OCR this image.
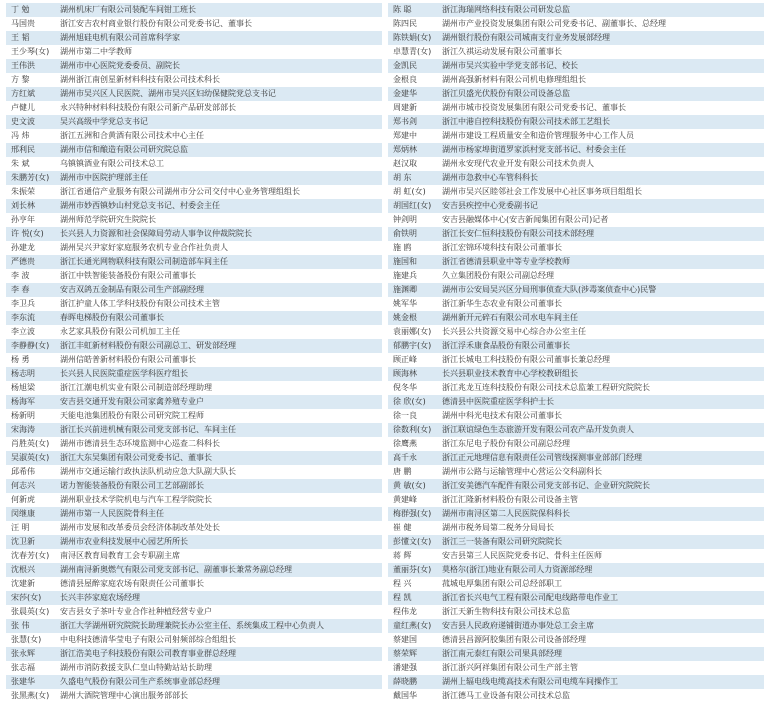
丁 勉	湖州机床厂有限公司装配车间钳工班长
马国贵	浙江安吉农村商业银行股份有限公司党委书记、董事长
王 韬	湖州旭硅电机有限公司首席科学家
王少琴(女)	湖州市第二中学教师
王伟洪	湖州市中心医院党委委员、副院长
方 黎	湖州浙江南创星新材料科技有限公司技术科长
方红斌	湖州市吴兴区人民医院、湖州市吴兴区妇幼保健院党总支书记
卢健儿	永兴特种材料科技股份有限公司新产品研发部部长
史文波	吴兴高级中学党总支书记
冯 炜	浙江五洲和合黄酒有限公司技术中心主任
邢利民	湖州市信和酿造有限公司研究院总监
朱 斌	乌镇镇酒业有限公司技术总工
朱鹏芳(女)	湖州市中医院护理部主任
朱振荣	浙江省通信产业服务有限公司湖州市分公司交付中心业务管理组组长
刘长林	湖州市妙西镇妙山村党总支书记、村委会主任
孙亨年	湖州师范学院研究生院院长
许 悦(女)	长兴县人力资源和社会保障局劳动人事争议仲裁院院长
孙建龙	湖州吴兴尹家好家庭服务农机专业合作社负责人
严德贵	浙江长通光网物联科技有限公司制造部车间主任
李 波	浙江中铁智能装备股份有限公司董事长
李 春	安吉双鸽五金制品有限公司生产部副经理
李卫兵	浙江护童人体工学科技股份有限公司技术主管
李东流	春晖电梯股份有限公司董事长
李立波	永艺家具股份有限公司机加工主任
李静静(女)	浙江丰虹新材料股份有限公司副总工、研发部经理
杨 勇	湖州信皓普新材料股份有限公司董事长
杨志明	长兴县人民医院重症医学科医疗组长
杨旭梁	浙江江潮电机实业有限公司制造部经理助理
杨海军	安吉县交通开发有限公司家禽养殖专业户
杨新明	天能电池集团股份有限公司研究院工程师
宋海涛	浙江长兴前进机械有限公司党支部书记、车间主任
肖胜英(女)	湖州市德清县生态环境监测中心巡查二科科长
吴淑英(女)	浙江大东吴集团有限公司党委书记、董事长
邱希伟	湖州市交通运输行政执法队机动应急大队副大队长
何志兴	诺力智能装备股份有限公司工艺部副部长
何新虎	湖州职业技术学院机电与汽车工程学院院长
闵继康	湖州市第一人民医院骨科主任
汪 明	湖州市发展和改革委员会经济体制改革处处长
沈卫新	湖州市农业科技发展中心园艺所所长
沈春芳(女)	南浔区教育局教育工会专职副主席
沈根兴	湖州南浔新奥燃气有限公司党支部书记、副董事长兼常务副总经理
沈建新	德清县屋醉家庭农场有限责任公司董事长
宋莎(女)	长兴丰莎家庭农场经理
张晨英(女)	安吉县女子茶叶专业合作社种植经营专业户
张 伟	浙江大学湖州研究院院长助理兼院长办公室主任、系统集成工程中心负责人
张慧(女)	中电科技德清华莹电子有限公司射频部综合组组长
张永辉	浙江浩美电子科技股份有限公司教育事业群总经理
张志福	湖州市消防救援支队仁皇山特勤站站长助理
张建华	久盛电气股份有限公司生产系统事业部总经理
张黑燕(女)	湖州大酒院管理中心演出服务部部长
陈 聪	浙江海瑞网络科技有限公司研发总监
陈四民	湖州市产业投资发展集团有限公司党委书记、副董事长、总经理
陈铁娟(女)	湖州银行股份有限公司城南支行业务发展部经理
卓慧青(女)	浙江久祺运动发展有限公司董事长
金凯民	湖州市吴兴实验中学党支部书记、校长
金根良	湖州高强新材料有限公司机电修理组组长
金建华	浙江贝盛光伏股份有限公司设备总监
周建新	湖州市城市投资发展集团有限公司党委书记、董事长
郑书剑	浙江中港自控科技股份有限公司技术部工艺组长
郑建中	湖州市建设工程质量安全和造价管理服务中心工作人员
郑炳林	湖州市杨家埠街道罗家浜村党支部书记、村委会主任
赵汉取	湖州永安现代农业开发有限公司技术负责人
胡 东	湖州市急救中心车管科科长
胡 虹(女)	湖州市吴兴区睦邻社会工作发展中心社区事务项目组组长
胡国红(女)	安吉县疾控中心党委副书记
钟剑明	安吉县融媒体中心(安吉新闻集团有限公司)记者
俞铁明	浙江长安仁恒科技股份有限公司技术部经理
施 鸥	浙江宏锦环境科技有限公司董事长
施国和	浙江省德清县职业中等专业学校教师
施建兵	久立集团股份有限公司副总经理
施渊卿	湖州市公安局吴兴区分局刑事侦查大队(涉毒案侦查中心)民警
姚军华	浙江新华生态农业有限公司董事长
姚金根	湖州新开元碎石有限公司水电车间主任
袁丽娜(女)	长兴县公共资源交易中心综合办公室主任
郁鹏宇(女)	浙江浮禾康食品股份有限公司董事长
顾正峰	浙江长城电工科技股份有限公司董事长兼总经理
顾海林	长兴县职业技术教育中心学校教研组长
倪冬华	浙江兆龙互连科技股份有限公司技术总监兼工程研究院院长
徐 欣(女)	德清县中医院重症医学科护士长
徐一良	湖州中科光电技术有限公司董事长
徐数利(女)	浙江联谊绿色生态旅游开发有限公司农产品开发负责人
徐鹰燕	浙江东尼电子股份有限公司副总经理
高千永	浙江正元地理信息有限责任公司管线探测事业部部门经理
唐 鹏	湖州市公路与运输管理中心营运公交科副科长
黄 敏(女)	浙江安美德汽车配件有限公司党支部书记、企业研究院院长
黄建峰	浙江汇隆新材料股份有限公司设备主管
梅群强(女)	湖州市南浔区第二人民医院保科科长
崔 健	湖州市税务局第二税务分局局长
彭懂文(女)	浙江三一装备有限公司研究院院长
蒋 辉	安吉县第三人民医院党委书记、骨科主任医师
董丽芬(女)	莫格尔(浙江)地业有限公司人力资源部经理
程 兴	菰城电厚集团有限公司总经部职工
程 凯	浙江省长兴电气工程有限公司配电线路带电作业工
程伟龙	浙江天新生物科技有限公司技术总监
童红燕(女)	安吉县人民政府递铺街道办事处总工会主席
蔡建国	德清县昌源阿胶集团有限公司设备部经理
蔡荣辉	浙江南元泰红有限公司果具部经理
潘建强	浙江浙兴阿祥集团有限公司生产部主管
薛晓鹏	湖州上辐电线电缆高技术有限公司电缆车间操作工
戴国华	浙江德马工业设备有限公司技术总监
